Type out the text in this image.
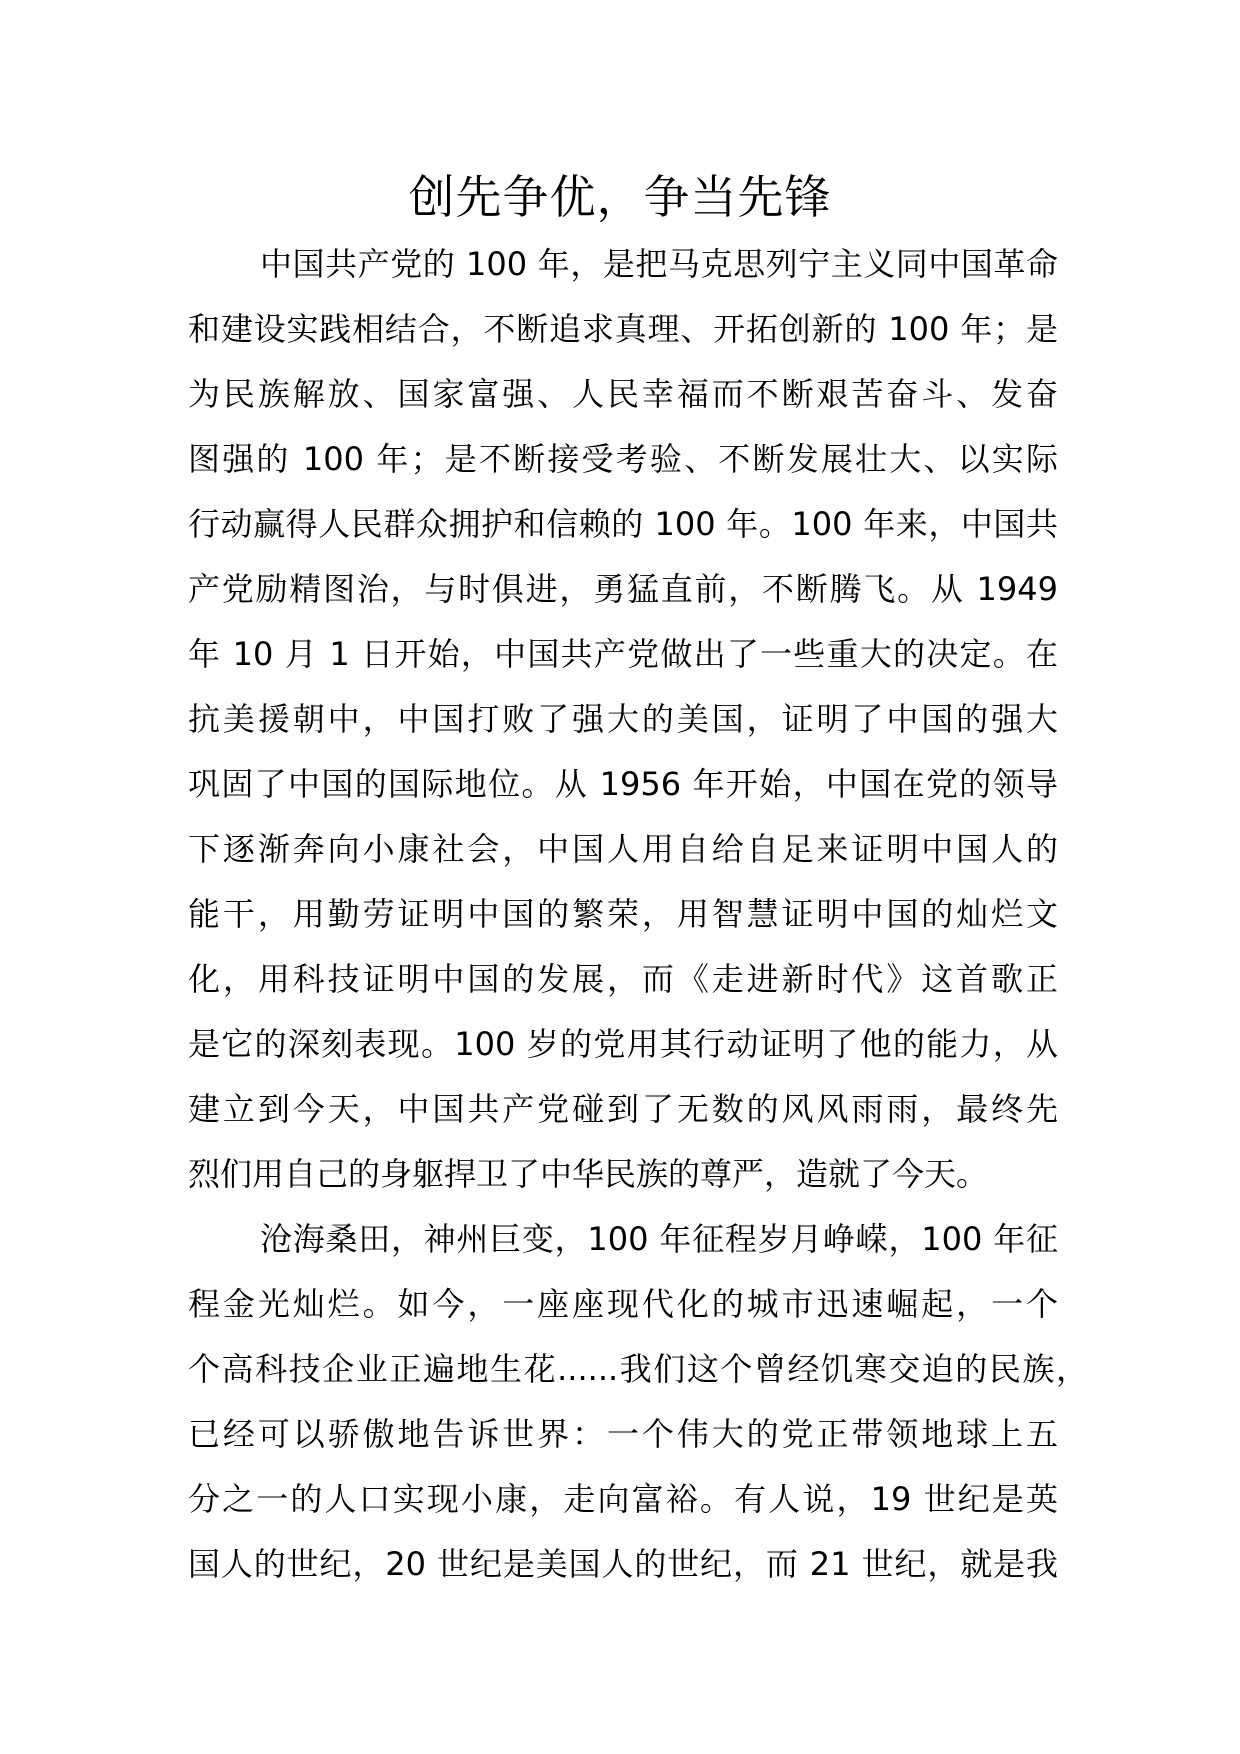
创先争优，争当先锋
中国共产党的 100 年，是把马克思列宁主义同中国革命
和建设实践相结合，不断追求真理、开拓创新的 100 年；是
为民族解放、国家富强、人民幸福而不断艰苦奋斗、发奋
图强的 100 年；是不断接受考验、不断发展壮大、以实际
行动赢得人民群众拥护和信赖的 100 年。100 年来，中国共
产党励精图治，与时俱进，勇猛直前，不断腾飞。从 1949
年 10 月 1 日开始，中国共产党做出了一些重大的决定。在
抗美援朝中，中国打败了强大的美国，证明了中国的强大
巩固了中国的国际地位。从 1956 年开始，中国在党的领导
下逐渐奔向小康社会，中国人用自给自足来证明中国人的
能干，用勤劳证明中国的繁荣，用智慧证明中国的灿烂文
化，用科技证明中国的发展，而《走进新时代》这首歌正
是它的深刻表现。100 岁的党用其行动证明了他的能力，从
建立到今天，中国共产党碰到了无数的风风雨雨，最终先
烈们用自己的身躯捍卫了中华民族的尊严，造就了今天。
沧海桑田，神州巨变，100 年征程岁月峥嵘，100 年征
程金光灿烂。如今，一座座现代化的城市迅速崛起，一个
个高科技企业正遍地生花......我们这个曾经饥寒交迫的民族，
已经可以骄傲地告诉世界：一个伟大的党正带领地球上五
分之一的人口实现小康，走向富裕。有人说，19 世纪是英
国人的世纪，20 世纪是美国人的世纪，而 21 世纪，就是我
